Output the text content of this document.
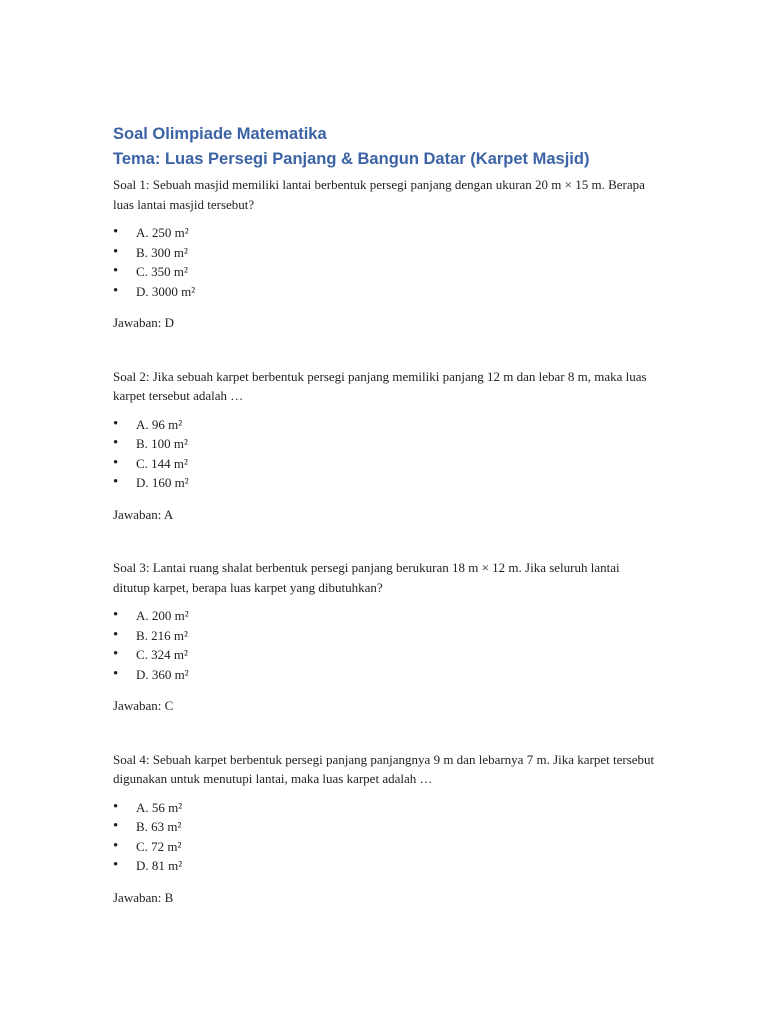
Soal Olimpiade Matematika
Tema: Luas Persegi Panjang & Bangun Datar (Karpet Masjid)

Soal 1: Sebuah masjid memiliki lantai berbentuk persegi panjang dengan ukuran 20 m × 15 m. Berapa luas lantai masjid tersebut?

• A. 250 m²
• B. 300 m²
• C. 350 m²
• D. 3000 m²

Jawaban: D

Soal 2: Jika sebuah karpet berbentuk persegi panjang memiliki panjang 12 m dan lebar 8 m, maka luas karpet tersebut adalah …

• A. 96 m²
• B. 100 m²
• C. 144 m²
• D. 160 m²

Jawaban: A

Soal 3: Lantai ruang shalat berbentuk persegi panjang berukuran 18 m × 12 m. Jika seluruh lantai ditutup karpet, berapa luas karpet yang dibutuhkan?

• A. 200 m²
• B. 216 m²
• C. 324 m²
• D. 360 m²

Jawaban: C

Soal 4: Sebuah karpet berbentuk persegi panjang panjangnya 9 m dan lebarnya 7 m. Jika karpet tersebut digunakan untuk menutupi lantai, maka luas karpet adalah …

• A. 56 m²
• B. 63 m²
• C. 72 m²
• D. 81 m²

Jawaban: B
